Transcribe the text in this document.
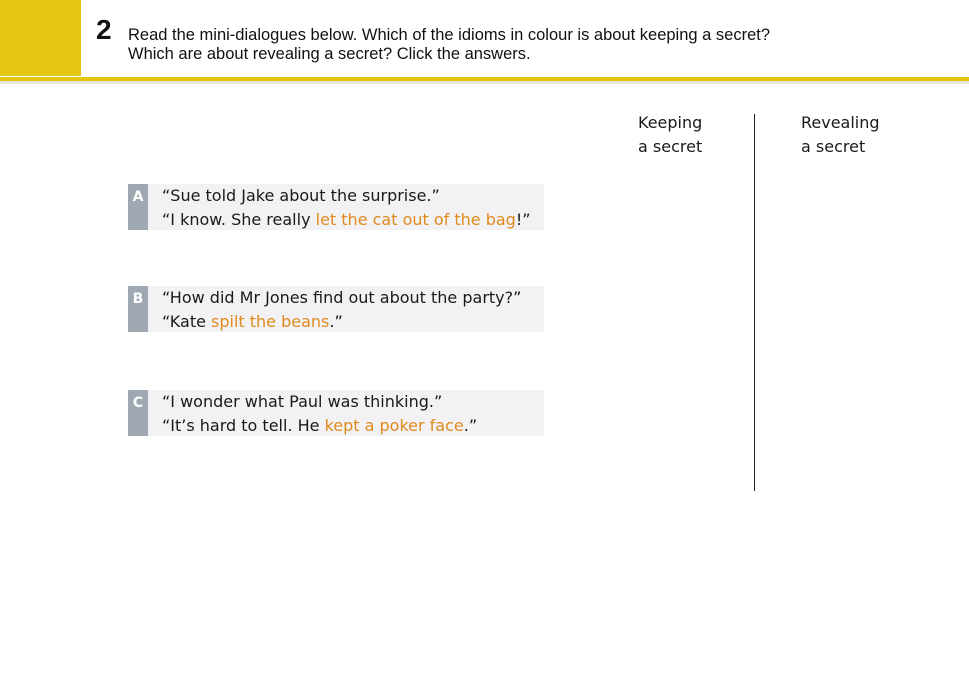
2 Read the mini-dialogues below. Which of the idioms in colour is about keeping a secret?
Which are about revealing a secret? Click the answers.
Keeping
a secret
Revealing
a secret
A “Sue told Jake about the surprise.”
“I know. She really let the cat out of the bag!”
B “How did Mr Jones find out about the party?”
“Kate spilt the beans.”
C	“I wonder what Paul was thinking.”
“It’s hard to tell. He kept a poker face.”
